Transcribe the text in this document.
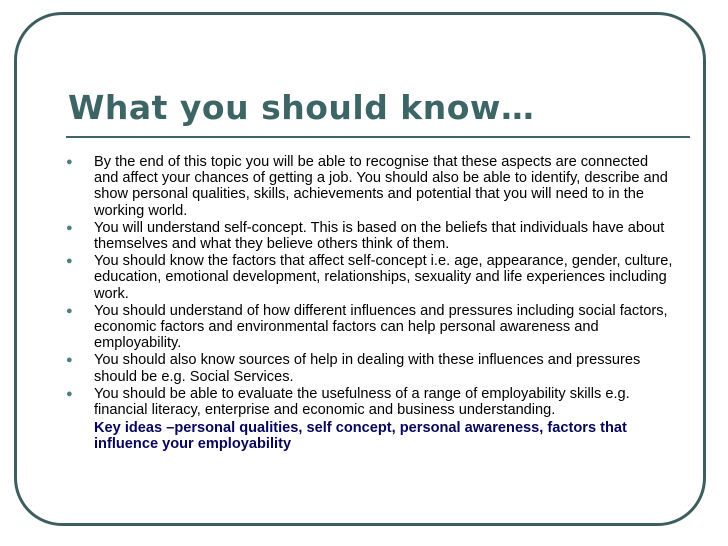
What you should know…
● By the end of this topic you will be able to recognise that these aspects are connected and affect your chances of getting a job. You should also be able to identify, describe and show personal qualities, skills, achievements and potential that you will need to in the working world.
● You will understand self-concept. This is based on the beliefs that individuals have about themselves and what they believe others think of them.
● You should know the factors that affect self-concept i.e. age, appearance, gender, culture, education, emotional development, relationships, sexuality and life experiences including work.
● You should understand of how different influences and pressures including social factors, economic factors and environmental factors can help personal awareness and employability.
● You should also know sources of help in dealing with these influences and pressures should be e.g. Social Services.
● You should be able to evaluate the usefulness of a range of employability skills e.g. financial literacy, enterprise and economic and business understanding.

Key ideas –personal qualities, self concept, personal awareness, factors that influence your employability
